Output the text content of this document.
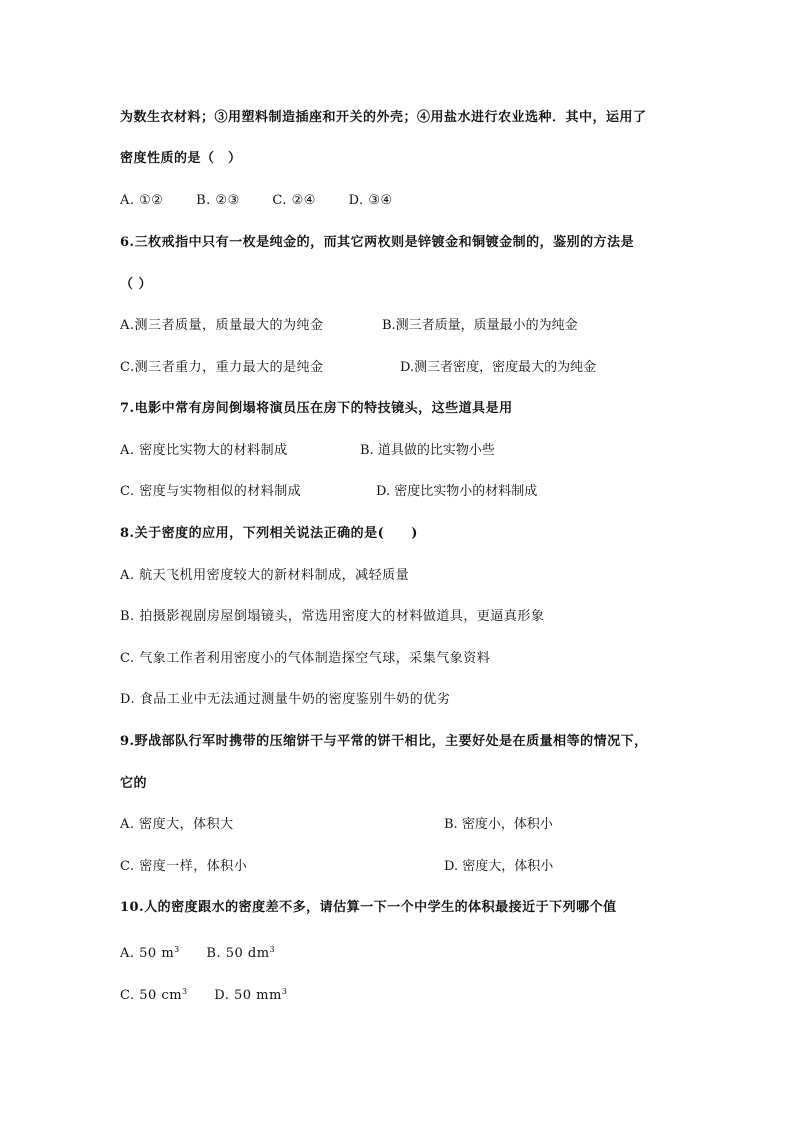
为数生衣材料；③用塑料制造插座和开关的外壳；④用盐水进行农业选种．其中，运用了
密度性质的是（　）
A. ①②	B. ②③	C. ②④	D. ③④
6.三枚戒指中只有一枚是纯金的，而其它两枚则是锌镀金和铜镀金制的，鉴别的方法是
（ ）
A.测三者质量，质量最大的为纯金	B.测三者质量，质量最小的为纯金
C.测三者重力，重力最大的是纯金	D.测三者密度，密度最大的为纯金
7.电影中常有房间倒塌将演员压在房下的特技镜头，这些道具是用
A. 密度比实物大的材料制成	B. 道具做的比实物小些
C. 密度与实物相似的材料制成	D. 密度比实物小的材料制成
8.关于密度的应用，下列相关说法正确的是(　　)
A. 航天飞机用密度较大的新材料制成，减轻质量
B. 拍摄影视剧房屋倒塌镜头，常选用密度大的材料做道具，更逼真形象
C. 气象工作者利用密度小的气体制造探空气球，采集气象资料
D. 食品工业中无法通过测量牛奶的密度鉴别牛奶的优劣
9.野战部队行军时携带的压缩饼干与平常的饼干相比，主要好处是在质量相等的情况下，
它的
A. 密度大，体积大	B. 密度小，体积小
C. 密度一样，体积小	D. 密度大，体积小
10.人的密度跟水的密度差不多，请估算一下一个中学生的体积最接近于下列哪个值
A. 50 $m^3$ B. 50 $dm^3$
C. 50 $cm^3$ D. 50 $mm^3$
